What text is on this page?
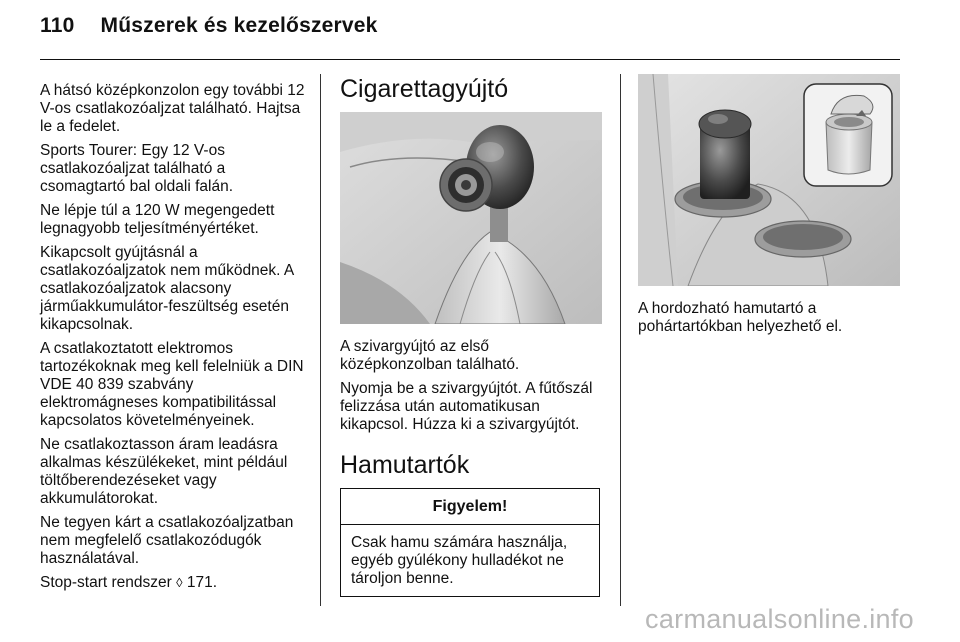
110 Műszerek és kezelőszervek

A hátsó középkonzolon egy további 12 V-os csatlakozóaljzat található. Hajtsa le a fedelet.

Sports Tourer: Egy 12 V-os csatlakozóaljzat található a csomagtartó bal oldali falán.

Ne lépje túl a 120 W megengedett legnagyobb teljesítményértéket.

Kikapcsolt gyújtásnál a csatlakozóaljzatok nem működnek. A csatlakozóaljzatok alacsony járműakkumulátor-feszültség esetén kikapcsolnak.

A csatlakoztatott elektromos tartozékoknak meg kell felelniük a DIN VDE 40 839 szabvány elektromágneses kompatibilitással kapcsolatos követelményeinek.

Ne csatlakoztasson áram leadásra alkalmas készülékeket, mint például töltőberendezéseket vagy akkumulátorokat.

Ne tegyen kárt a csatlakozóaljzatban nem megfelelő csatlakozódugók használatával.

Stop-start rendszer ◊ 171.

Cigarettagyújtó

A szivargyújtó az első középkonzolban található.

Nyomja be a szivargyújtót. A fűtőszál felizzása után automatikusan kikapcsol. Húzza ki a szivargyújtót.

Hamutartók
Figyelem!
Csak hamu számára használja, egyéb gyúlékony hulladékot ne tároljon benne.

A hordozható hamutartó a pohártartókban helyezhető el.

carmanualsonline.info
